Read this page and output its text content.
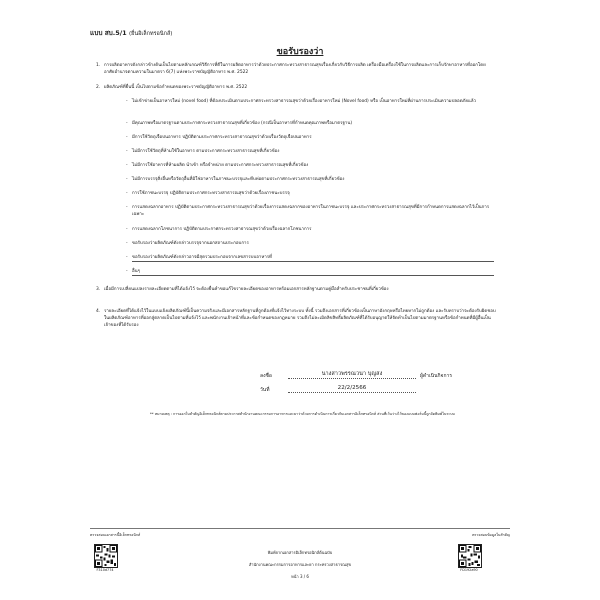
แบบ สบ.5/1 (ยื่นอิเล็กทรอนิกส์)
ขอรับรองว่า
1. การผลิตอาหารดังกล่าวข้างต้นเป็นไปตามหลักเกณฑ์วิธีการที่ดีในการผลิตอาหารว่าด้วยประกาศกระทรวงสาธารณสุขเรื่องเกี่ยวกับวิธีการผลิต เครื่องมือเครื่องใช้ในการผลิตและการเก็บรักษาอาหารที่ออกโดยอาศัยอำนาจตามความในมาตรา 6(7) แห่งพระราชบัญญัติอาหาร พ.ศ. 2522
2. ผลิตภัณฑ์ที่ยื่นนี้ เป็นไปตามข้อกำหนดของพระราชบัญญัติอาหาร พ.ศ. 2522
- ไม่เข้าข่ายเป็นอาหารใหม่ (novel food) ที่ต้องประเมินตามประกาศกระทรวงสาธารณสุขว่าด้วยเรื่องอาหารใหม่ (Novel food) หรือ เป็นอาหารใหม่ที่ผ่านการประเมินความปลอดภัยแล้ว
- มีคุณภาพหรือมาตรฐานตามประกาศกระทรวงสาธารณสุขที่เกี่ยวข้อง (กรณีเป็นอาหารที่กำหนดคุณภาพหรือมาตรฐาน)
- มีการใช้วัตถุเจือปนอาหาร ปฏิบัติตามประกาศกระทรวงสาธารณสุขว่าด้วยเรื่องวัตถุเจือปนอาหาร
- ไม่มีการใช้วัตถุที่ห้ามใช้ในอาหาร ตามประกาศกระทรวงสาธารณสุขที่เกี่ยวข้อง
- ไม่มีการใช้อาหารที่ห้ามผลิต นำเข้า หรือจำหน่าย ตามประกาศกระทรวงสาธารณสุขที่เกี่ยวข้อง
- ไม่มีการบรรจุสิ่งอื่นหรือวัตถุอื่นที่มิใช่อาหารในภาชนะบรรจุและหีบห่อตามประกาศกระทรวงสาธารณสุขที่เกี่ยวข้อง
- การใช้ภาชนะบรรจุ ปฏิบัติตามประกาศกระทรวงสาธารณสุขว่าด้วยเรื่องภาชนะบรรจุ
- การแสดงฉลากอาหาร ปฏิบัติตามประกาศกระทรวงสาธารณสุขว่าด้วยเรื่องการแสดงฉลากของอาหารในภาชนะบรรจุ และประกาศกระทรวงสาธารณสุขที่มีการกำหนดการแสดงฉลากไว้เป็นการเฉพาะ
- การแสดงฉลากโภชนาการ ปฏิบัติตามประกาศกระทรวงสาธารณสุขว่าด้วยเรื่องฉลากโภชนาการ
- ขอรับรองว่าผลิตภัณฑ์ดังกล่าวบรรจุจากนอกสถานประกอบการ
- ขอรับรองว่าผลิตภัณฑ์ดังกล่าวอาจมีสุดรวมประกอบจากเลขสารบบอาหารที่
- อื่นๆ
3. เมื่อมีการเปลี่ยนแปลงรายละเอียดตามที่ได้แจ้งไว้ จะต้องยื่นคำขอแก้ไขรายละเอียดของอาหารพร้อมเอกสารหลักฐานตามคู่มือสำหรับประชาชนที่เกี่ยวข้อง
4. รายละเอียดที่ได้แจ้งไว้ในแบบแจ้งผลิตภัณฑ์นี้เป็นความจริงและมีเอกสารหลักฐานที่ถูกต้องที่แจ้งไว้ทางระบบ ทั้งนี้ รวมถึงเอกสารที่เกี่ยวข้องเป็นภาษาอังกฤษหรือไทยหากไม่ถูกต้อง และรับทราบว่าจะต้องรับผิดชอบในผลิตภัณฑ์อาหารที่ออกสู่ตลาดเป็นไปตามที่แจ้งไว้ และพนักงานเจ้าหน้าที่และข้อกำหนดของกฎหมาย รวมถึงไม่ละเมิดลิขสิทธิ์ผลิตภัณฑ์ที่ได้รับอนุญาตให้จัดทำเป็นไปตามมาตรฐานหรือข้อกำหนดที่มีผู้อื่นเป็นเจ้าของที่ได้รับรอง
ลงชื่อ	นางสาวพรรณวนา บุญสง	ผู้ดำเนินกิจการ
วันที่	22/2/2566
** หมายเหตุ : การออกใบสำคัญอิเล็กทรอนิกส์ตามประกาศสำนักงานคณะกรรมการอาหารและยาว่าด้วยการดำเนินการเกี่ยวกับเอกสารอิเล็กทรอนิกส์ ส่วนที่เว้นว่างไว้ของแบบฟอร์มนี้ถูกจัดพิมพ์ในระบบ
ตรวจสอบเอกสารนี้อิเล็กทรอนิกส์	ตรวจสอบข้อมูลใบสำคัญ
F310d774	FD192a90
พิมพ์จากเอกสารอิเล็กทรอนิกส์ต้นฉบับ
สำนักงานคณะกรรมการอาหารและยา กระทรวงสาธารณสุข
หน้า 3 / 6
